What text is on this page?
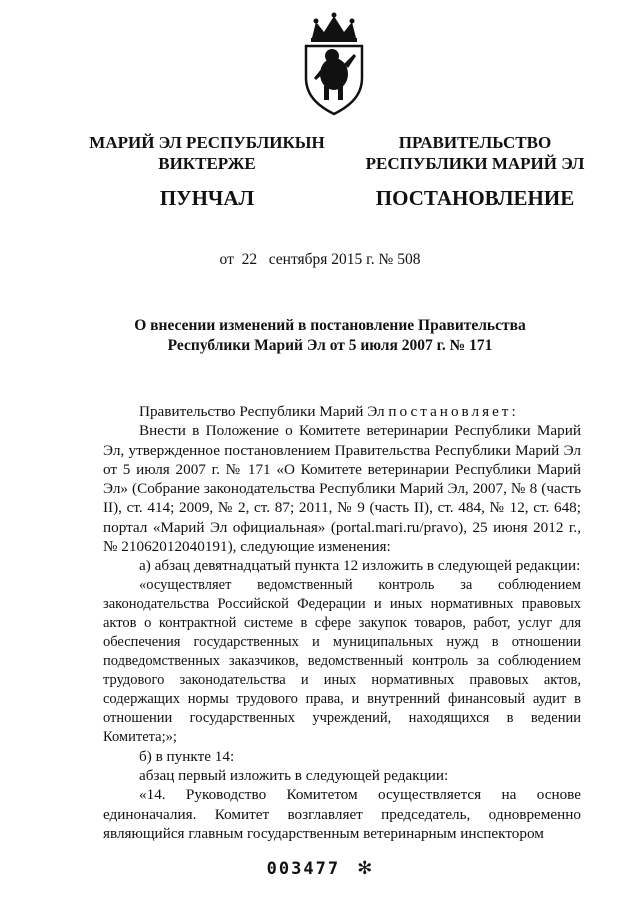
МАРИЙ ЭЛ РЕСПУБЛИКЫН
ВИКТЕРЖЕ
ПУНЧАЛ
ПРАВИТЕЛЬСТВО
РЕСПУБЛИКИ МАРИЙ ЭЛ
ПОСТАНОВЛЕНИЕ
от  22   сентября 2015 г. № 508
О внесении изменений в постановление Правительства
Республики Марий Эл от 5 июля 2007 г. № 171

Правительство Республики Марий Эл постановляет:

Внести в Положение о Комитете ветеринарии Республики Марий Эл, утвержденное постановлением Правительства Республики Марий Эл от 5 июля 2007 г. № 171 «О Комитете ветеринарии Республики Марий Эл» (Собрание законодательства Республики Марий Эл, 2007, № 8 (часть II), ст. 414; 2009, № 2, ст. 87; 2011, № 9 (часть II), ст. 484, № 12, ст. 648; портал «Марий Эл официальная» (portal.mari.ru/pravo), 25 июня 2012 г., № 21062012040191), следующие изменения:

а) абзац девятнадцатый пункта 12 изложить в следующей редакции:

«осуществляет ведомственный контроль за соблюдением законодательства Российской Федерации и иных нормативных правовых актов о контрактной системе в сфере закупок товаров, работ, услуг для обеспечения государственных и муниципальных нужд в отношении подведомственных заказчиков, ведомственный контроль за соблюдением трудового законодательства и иных нормативных правовых актов, содержащих нормы трудового права, и внутренний финансовый аудит в отношении государственных учреждений, находящихся в ведении Комитета;»;

б) в пункте 14:

абзац первый изложить в следующей редакции:

«14. Руководство Комитетом осуществляется на основе единоначалия. Комитет возглавляет председатель, одновременно являющийся главным государственным ветеринарным инспектором

003477 ✻
